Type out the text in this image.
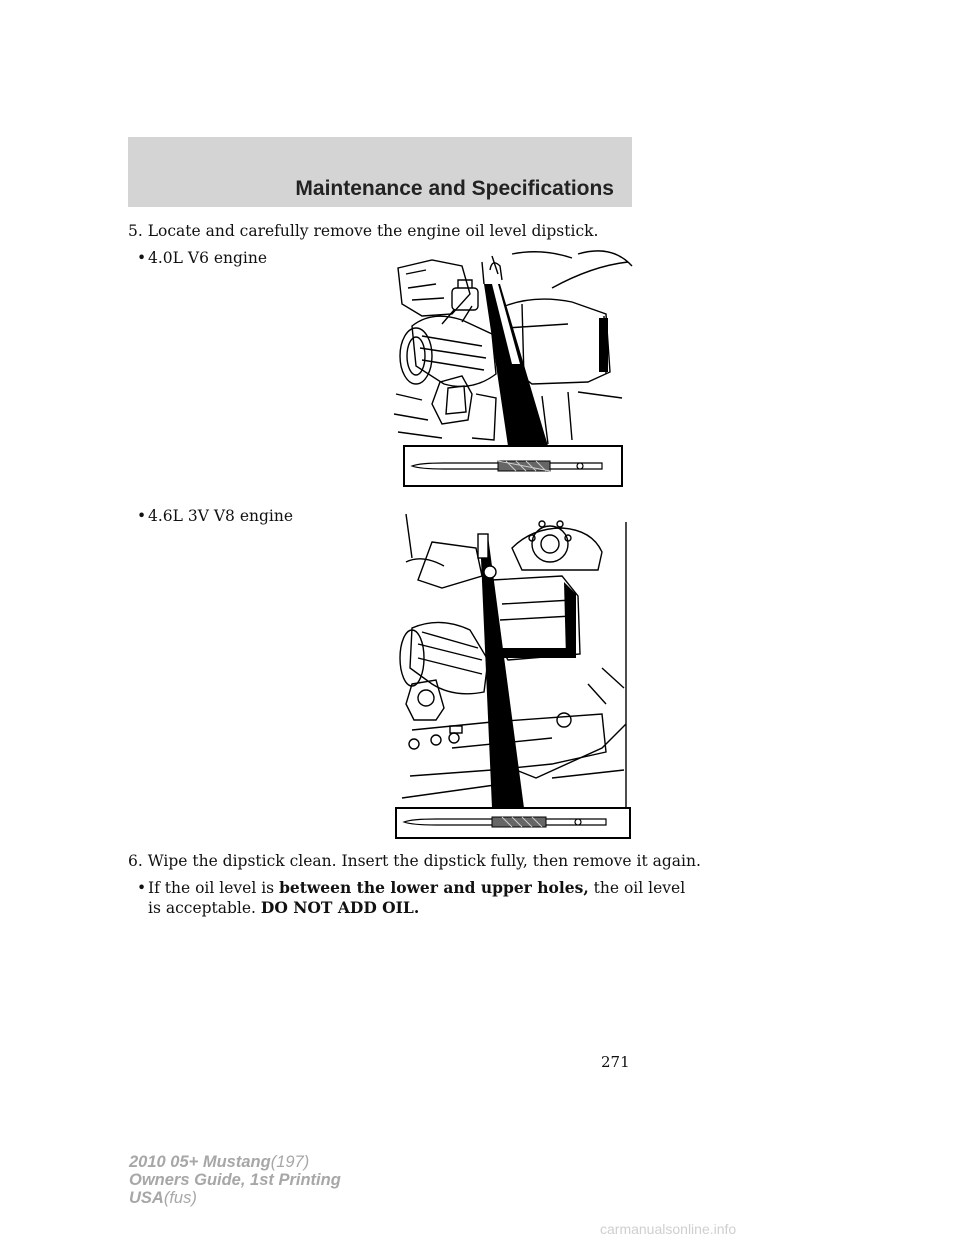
Maintenance and Specifications
5. Locate and carefully remove the engine oil level dipstick.
• 4.0L V6 engine
• 4.6L 3V V8 engine
6. Wipe the dipstick clean. Insert the dipstick fully, then remove it again.
• If the oil level is between the lower and upper holes, the oil level
is acceptable. DO NOT ADD OIL.
271
2010 05+ Mustang(197)
Owners Guide, 1st Printing
USA(fus)
carmanualsonline.info
